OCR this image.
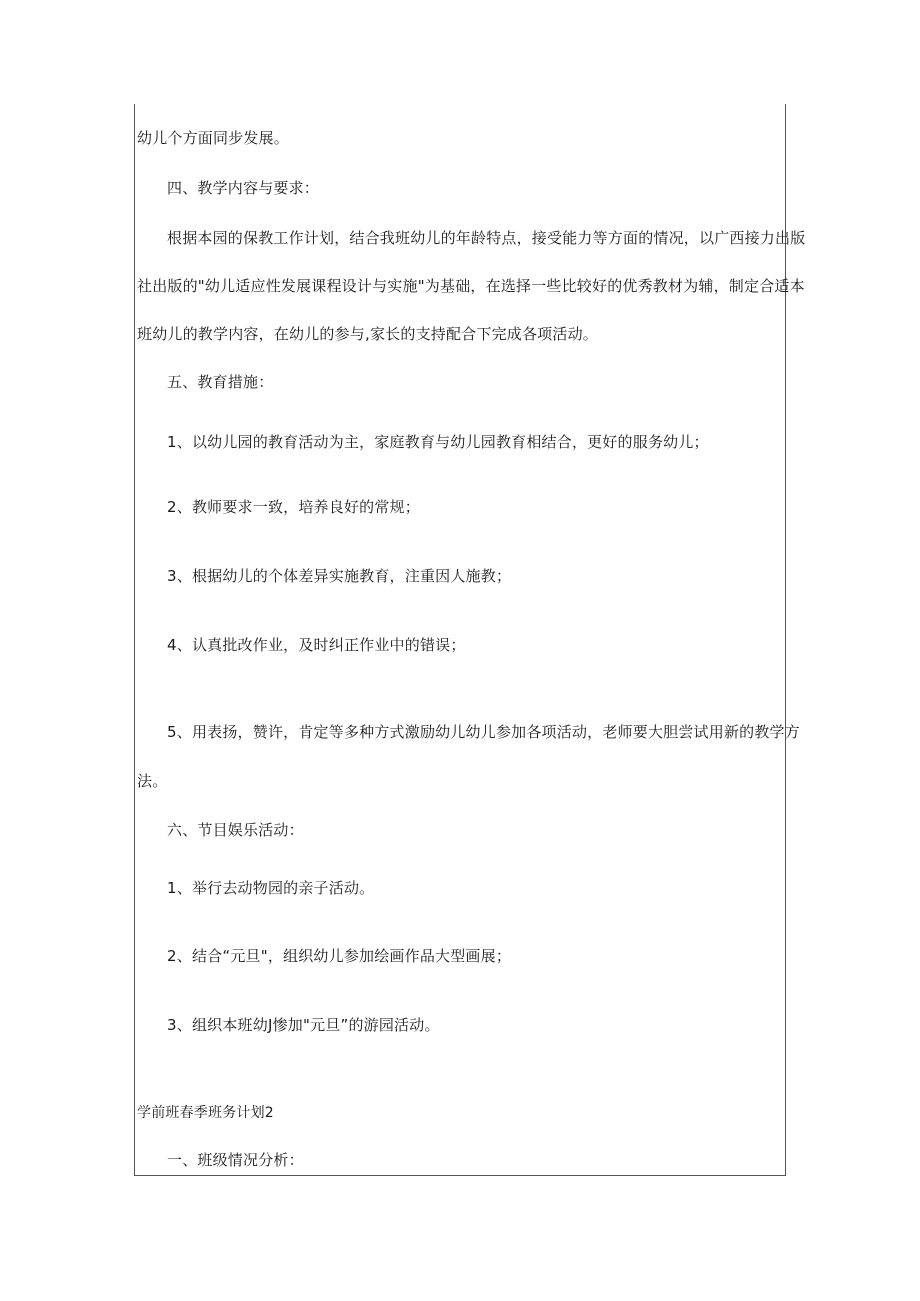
幼儿个方面同步发展。
四、教学内容与要求：
根据本园的保教工作计划，结合我班幼儿的年龄特点，接受能力等方面的情况，以广西接力出版
社出版的"幼儿适应性发展课程设计与实施"为基础，在选择一些比较好的优秀教材为辅，制定合适本
班幼儿的教学内容，在幼儿的参与,家长的支持配合下完成各项活动。
五、教育措施：
1、以幼儿园的教育活动为主，家庭教育与幼儿园教育相结合，更好的服务幼儿；
2、教师要求一致，培养良好的常规；
3、根据幼儿的个体差异实施教育，注重因人施教；
4、认真批改作业，及时纠正作业中的错误；
5、用表扬，赞许，肯定等多种方式激励幼儿幼儿参加各项活动，老师要大胆尝试用新的教学方
法。
六、节目娱乐活动：
1、举行去动物园的亲子活动。
2、结合“元旦"，组织幼儿参加绘画作品大型画展；
3、组织本班幼J惨加"元旦”的游园活动。
学前班春季班务计划2
一、班级情况分析：
